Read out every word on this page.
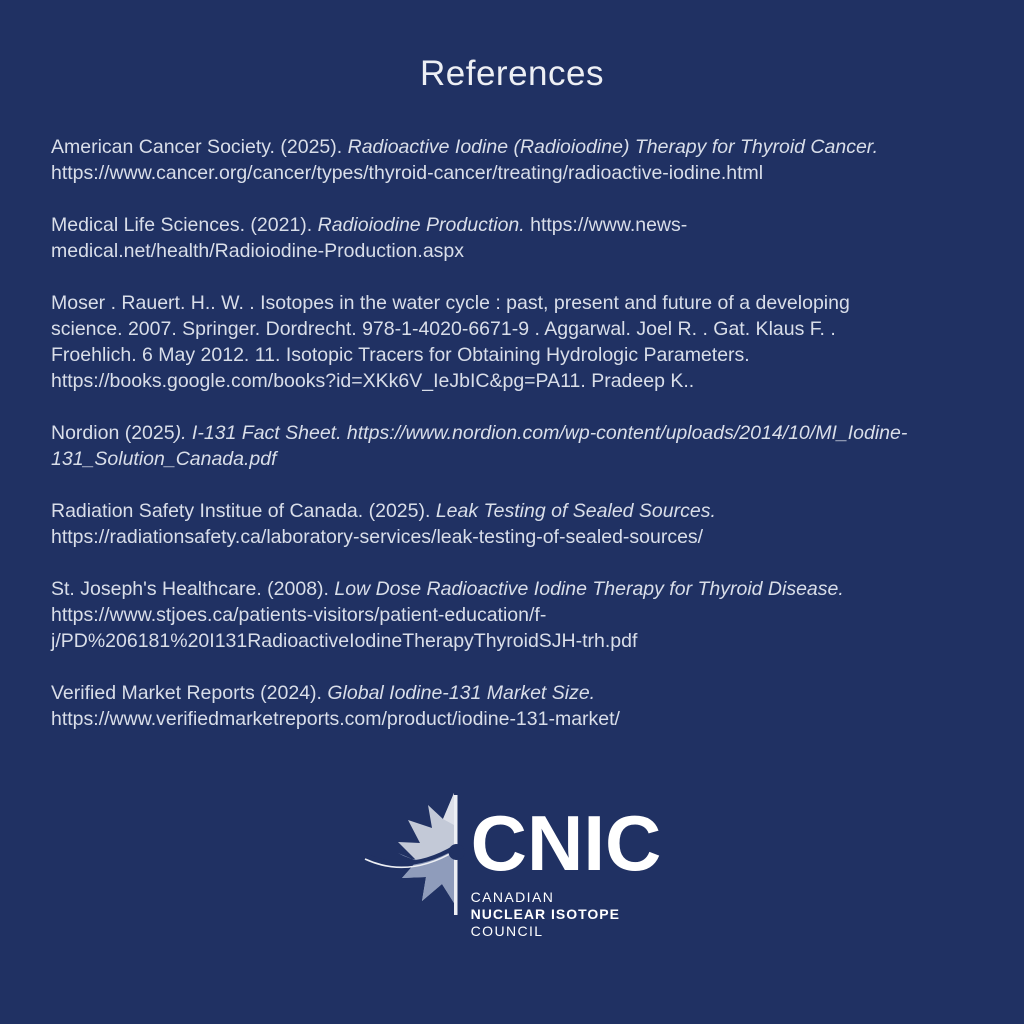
References

American Cancer Society. (2025). Radioactive Iodine (Radioiodine) Therapy for Thyroid Cancer. https://www.cancer.org/cancer/types/thyroid-cancer/treating/radioactive-iodine.html

Medical Life Sciences. (2021). Radioiodine Production. https://www.news-medical.net/health/Radioiodine-Production.aspx

Moser . Rauert. H.. W. . Isotopes in the water cycle : past, present and future of a developing science. 2007. Springer. Dordrecht. 978-1-4020-6671-9 . Aggarwal. Joel R. . Gat. Klaus F. . Froehlich. 6 May 2012. 11. Isotopic Tracers for Obtaining Hydrologic Parameters. https://books.google.com/books?id=XKk6V_IeJbIC&pg=PA11. Pradeep K..

Nordion (2025). I-131 Fact Sheet. https://www.nordion.com/wp-content/uploads/2014/10/MI_Iodine-131_Solution_Canada.pdf

Radiation Safety Institue of Canada. (2025). Leak Testing of Sealed Sources. https://radiationsafety.ca/laboratory-services/leak-testing-of-sealed-sources/

St. Joseph's Healthcare. (2008). Low Dose Radioactive Iodine Therapy for Thyroid Disease. https://www.stjoes.ca/patients-visitors/patient-education/f-j/PD%206181%20I131RadioactiveIodineTherapyThyroidSJH-trh.pdf

Verified Market Reports (2024). Global Iodine-131 Market Size. https://www.verifiedmarketreports.com/product/iodine-131-market/

CNIC
CANADIAN
NUCLEAR ISOTOPE
COUNCIL
